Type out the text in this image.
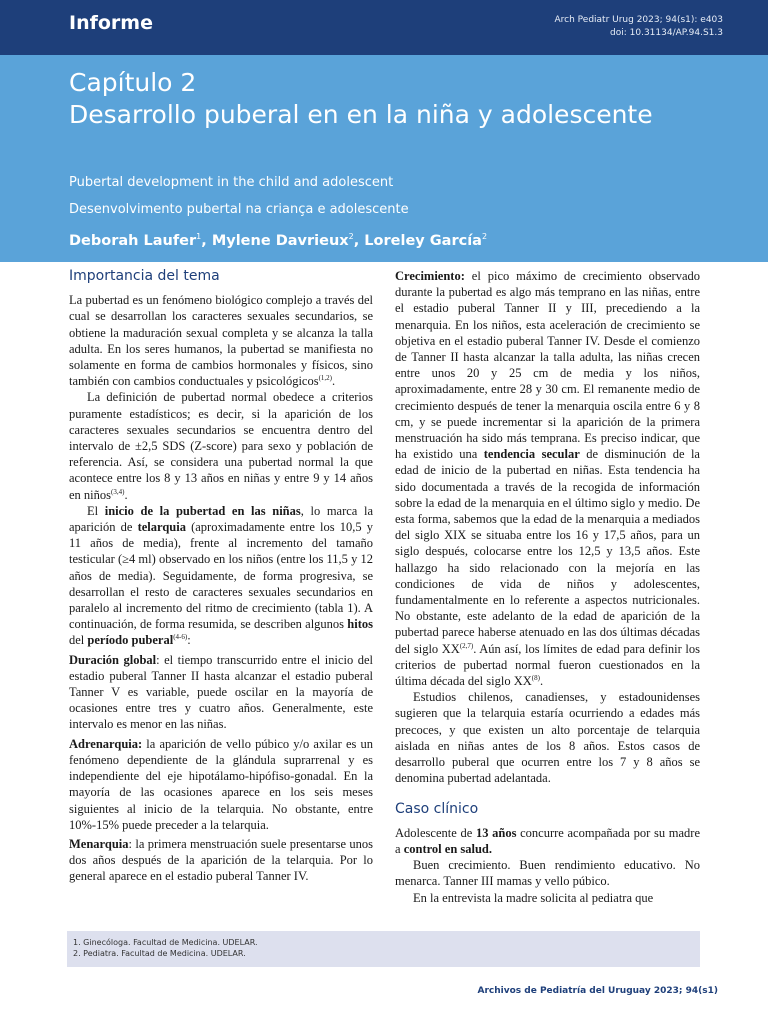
Informe	Arch Pediatr Urug 2023; 94(s1): e403
doi: 10.31134/AP.94.S1.3
Capítulo 2
Desarrollo puberal en en la niña y adolescente
Pubertal development in the child and adolescent
Desenvolvimento pubertal na criança e adolescente
Deborah Laufer$^1$, Mylene Davrieux$^2$, Loreley García$^2$
Importancia del tema

La pubertad es un fenómeno biológico complejo a través del cual se desarrollan los caracteres sexuales secundarios, se obtiene la maduración sexual completa y se alcanza la talla adulta. En los seres humanos, la pubertad se manifiesta no solamente en forma de cambios hormonales y físicos, sino también con cambios conductuales y psicológicos$^{(1,2)}$.

La definición de pubertad normal obedece a criterios puramente estadísticos; es decir, si la aparición de los caracteres sexuales secundarios se encuentra dentro del intervalo de ±2,5 SDS (Z-score) para sexo y población de referencia. Así, se considera una pubertad normal la que acontece entre los 8 y 13 años en niñas y entre 9 y 14 años en niños$^{(3,4)}$.

El inicio de la pubertad en las niñas, lo marca la aparición de telarquia (aproximadamente entre los 10,5 y 11 años de media), frente al incremento del tamaño testicular (≥4 ml) observado en los niños (entre los 11,5 y 12 años de media). Seguidamente, de forma progresiva, se desarrollan el resto de caracteres sexuales secundarios en paralelo al incremento del ritmo de crecimiento (tabla 1). A continuación, de forma resumida, se describen algunos hitos del período puberal$^{(4-6)}$:

Duración global: el tiempo transcurrido entre el inicio del estadio puberal Tanner II hasta alcanzar el estadio puberal Tanner V es variable, puede oscilar en la mayoría de ocasiones entre tres y cuatro años. Generalmente, este intervalo es menor en las niñas.

Adrenarquia: la aparición de vello púbico y/o axilar es un fenómeno dependiente de la glándula suprarrenal y es independiente del eje hipotálamo-hipófiso-gonadal. En la mayoría de las ocasiones aparece en los seis meses siguientes al inicio de la telarquia. No obstante, entre 10%-15% puede preceder a la telarquia.

Menarquia: la primera menstruación suele presentarse unos dos años después de la aparición de la telarquia. Por lo general aparece en el estadio puberal Tanner IV.

Crecimiento: el pico máximo de crecimiento observado durante la pubertad es algo más temprano en las niñas, entre el estadio puberal Tanner II y III, precediendo a la menarquia. En los niños, esta aceleración de crecimiento se objetiva en el estadio puberal Tanner IV. Desde el comienzo de Tanner II hasta alcanzar la talla adulta, las niñas crecen entre unos 20 y 25 cm de media y los niños, aproximadamente, entre 28 y 30 cm. El remanente medio de crecimiento después de tener la menarquia oscila entre 6 y 8 cm, y se puede incrementar si la aparición de la primera menstruación ha sido más temprana. Es preciso indicar, que ha existido una tendencia secular de disminución de la edad de inicio de la pubertad en niñas. Esta tendencia ha sido documentada a través de la recogida de información sobre la edad de la menarquia en el último siglo y medio. De esta forma, sabemos que la edad de la menarquia a mediados del siglo XIX se situaba entre los 16 y 17,5 años, para un siglo después, colocarse entre los 12,5 y 13,5 años. Este hallazgo ha sido relacionado con la mejoría en las condiciones de vida de niños y adolescentes, fundamentalmente en lo referente a aspectos nutricionales. No obstante, este adelanto de la edad de aparición de la pubertad parece haberse atenuado en las dos últimas décadas del siglo XX$^{(2,7)}$. Aún así, los límites de edad para definir los criterios de pubertad normal fueron cuestionados en la última década del siglo XX$^{(8)}$.

Estudios chilenos, canadienses, y estadounidenses sugieren que la telarquia estaría ocurriendo a edades más precoces, y que existen un alto porcentaje de telarquia aislada en niñas antes de los 8 años. Estos casos de desarrollo puberal que ocurren entre los 7 y 8 años se denomina pubertad adelantada.

Caso clínico

Adolescente de 13 años concurre acompañada por su madre a control en salud.

Buen crecimiento. Buen rendimiento educativo. No menarca. Tanner III mamas y vello púbico.

En la entrevista la madre solicita al pediatra que

1. Ginecóloga. Facultad de Medicina. UDELAR.
2. Pediatra. Facultad de Medicina. UDELAR.
Archivos de Pediatría del Uruguay 2023; 94(s1)
